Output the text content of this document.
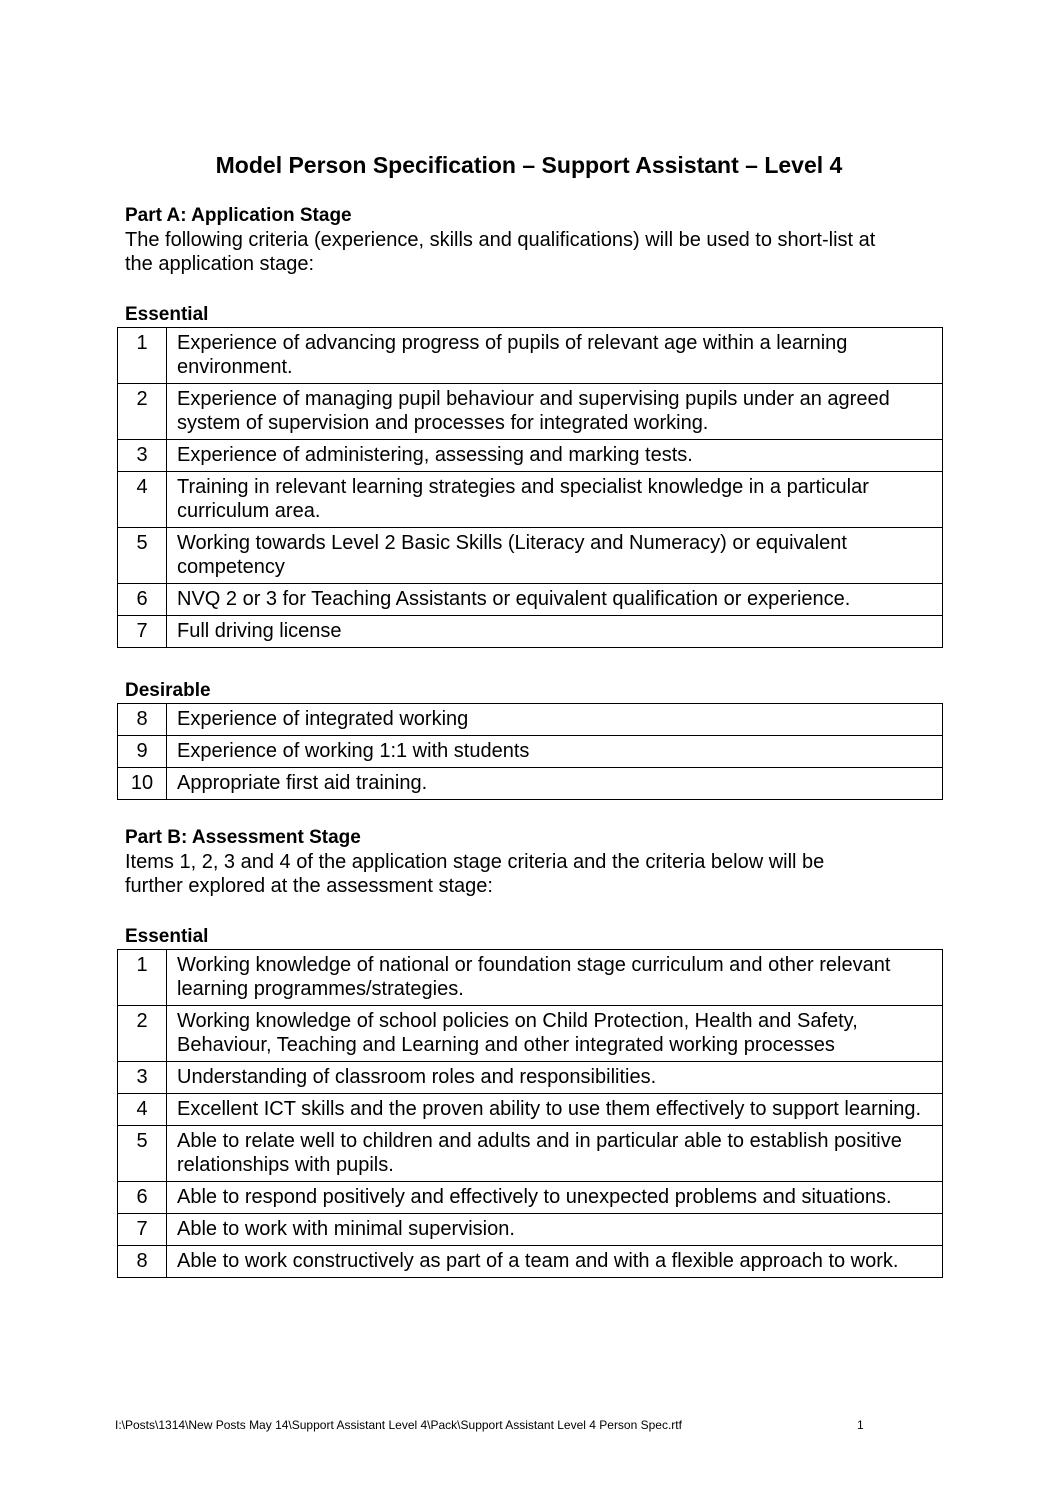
Model Person Specification – Support Assistant – Level 4
Part A: Application Stage
The following criteria (experience, skills and qualifications) will be used to short-list at
the application stage:
Essential
1	Experience of advancing progress of pupils of relevant age within a learning environment.
2	Experience of managing pupil behaviour and supervising pupils under an agreed system of supervision and processes for integrated working.
3	Experience of administering, assessing and marking tests.
4	Training in relevant learning strategies and specialist knowledge in a particular curriculum area.
5	Working towards Level 2 Basic Skills (Literacy and Numeracy) or equivalent competency
6	NVQ 2 or 3 for Teaching Assistants or equivalent qualification or experience.
7	Full driving license
Desirable
8	Experience of integrated working
9	Experience of working 1:1 with students
10	Appropriate first aid training.
Part B: Assessment Stage
Items 1, 2, 3 and 4 of the application stage criteria and the criteria below will be
further explored at the assessment stage:
Essential
1	Working knowledge of national or foundation stage curriculum and other relevant learning programmes/strategies.
2	Working knowledge of school policies on Child Protection, Health and Safety, Behaviour, Teaching and Learning and other integrated working processes
3	Understanding of classroom roles and responsibilities.
4	Excellent ICT skills and the proven ability to use them effectively to support learning.
5	Able to relate well to children and adults and in particular able to establish positive relationships with pupils.
6	Able to respond positively and effectively to unexpected problems and situations.
7	Able to work with minimal supervision.
8	Able to work constructively as part of a team and with a flexible approach to work.
I:\Posts\1314\New Posts May 14\Support Assistant Level 4\Pack\Support Assistant Level 4 Person Spec.rtf	1
